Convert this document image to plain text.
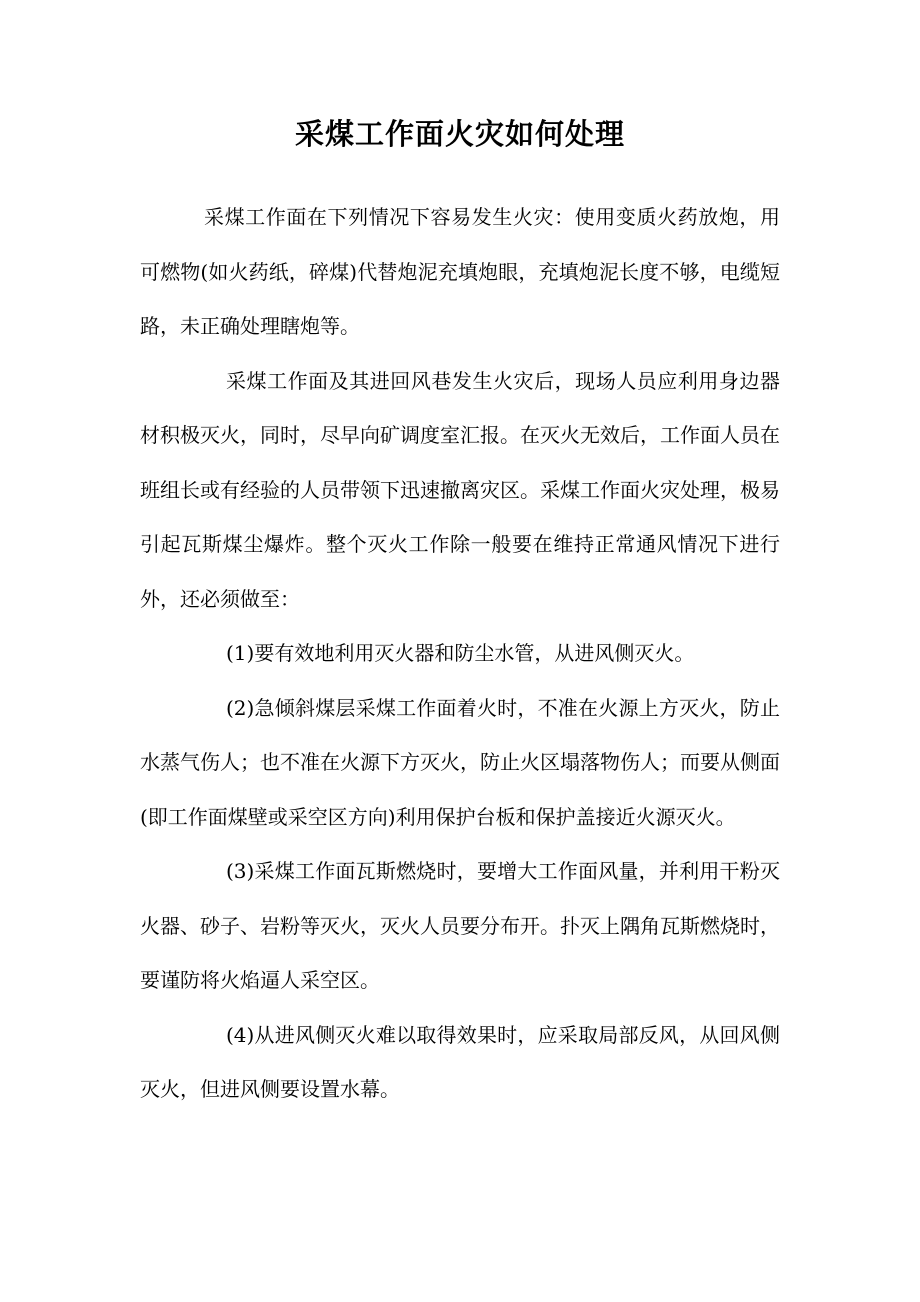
采煤工作面火灾如何处理

采煤工作面在下列情况下容易发生火灾：使用变质火药放炮，用可燃物(如火药纸，碎煤)代替炮泥充填炮眼，充填炮泥长度不够，电缆短路，未正确处理瞎炮等。

采煤工作面及其进回风巷发生火灾后，现场人员应利用身边器材积极灭火，同时，尽早向矿调度室汇报。在灭火无效后，工作面人员在班组长或有经验的人员带领下迅速撤离灾区。采煤工作面火灾处理，极易引起瓦斯煤尘爆炸。整个灭火工作除一般要在维持正常通风情况下进行外，还必须做至：

(1)要有效地利用灭火器和防尘水管，从进风侧灭火。

(2)急倾斜煤层采煤工作面着火时，不准在火源上方灭火，防止水蒸气伤人；也不准在火源下方灭火，防止火区塌落物伤人；而要从侧面(即工作面煤壁或采空区方向)利用保护台板和保护盖接近火源灭火。

(3)采煤工作面瓦斯燃烧时，要增大工作面风量，并利用干粉灭火器、砂子、岩粉等灭火，灭火人员要分布开。扑灭上隅角瓦斯燃烧时，要谨防将火焰逼人采空区。

(4)从进风侧灭火难以取得效果时，应采取局部反风，从回风侧灭火，但进风侧要设置水幕。
